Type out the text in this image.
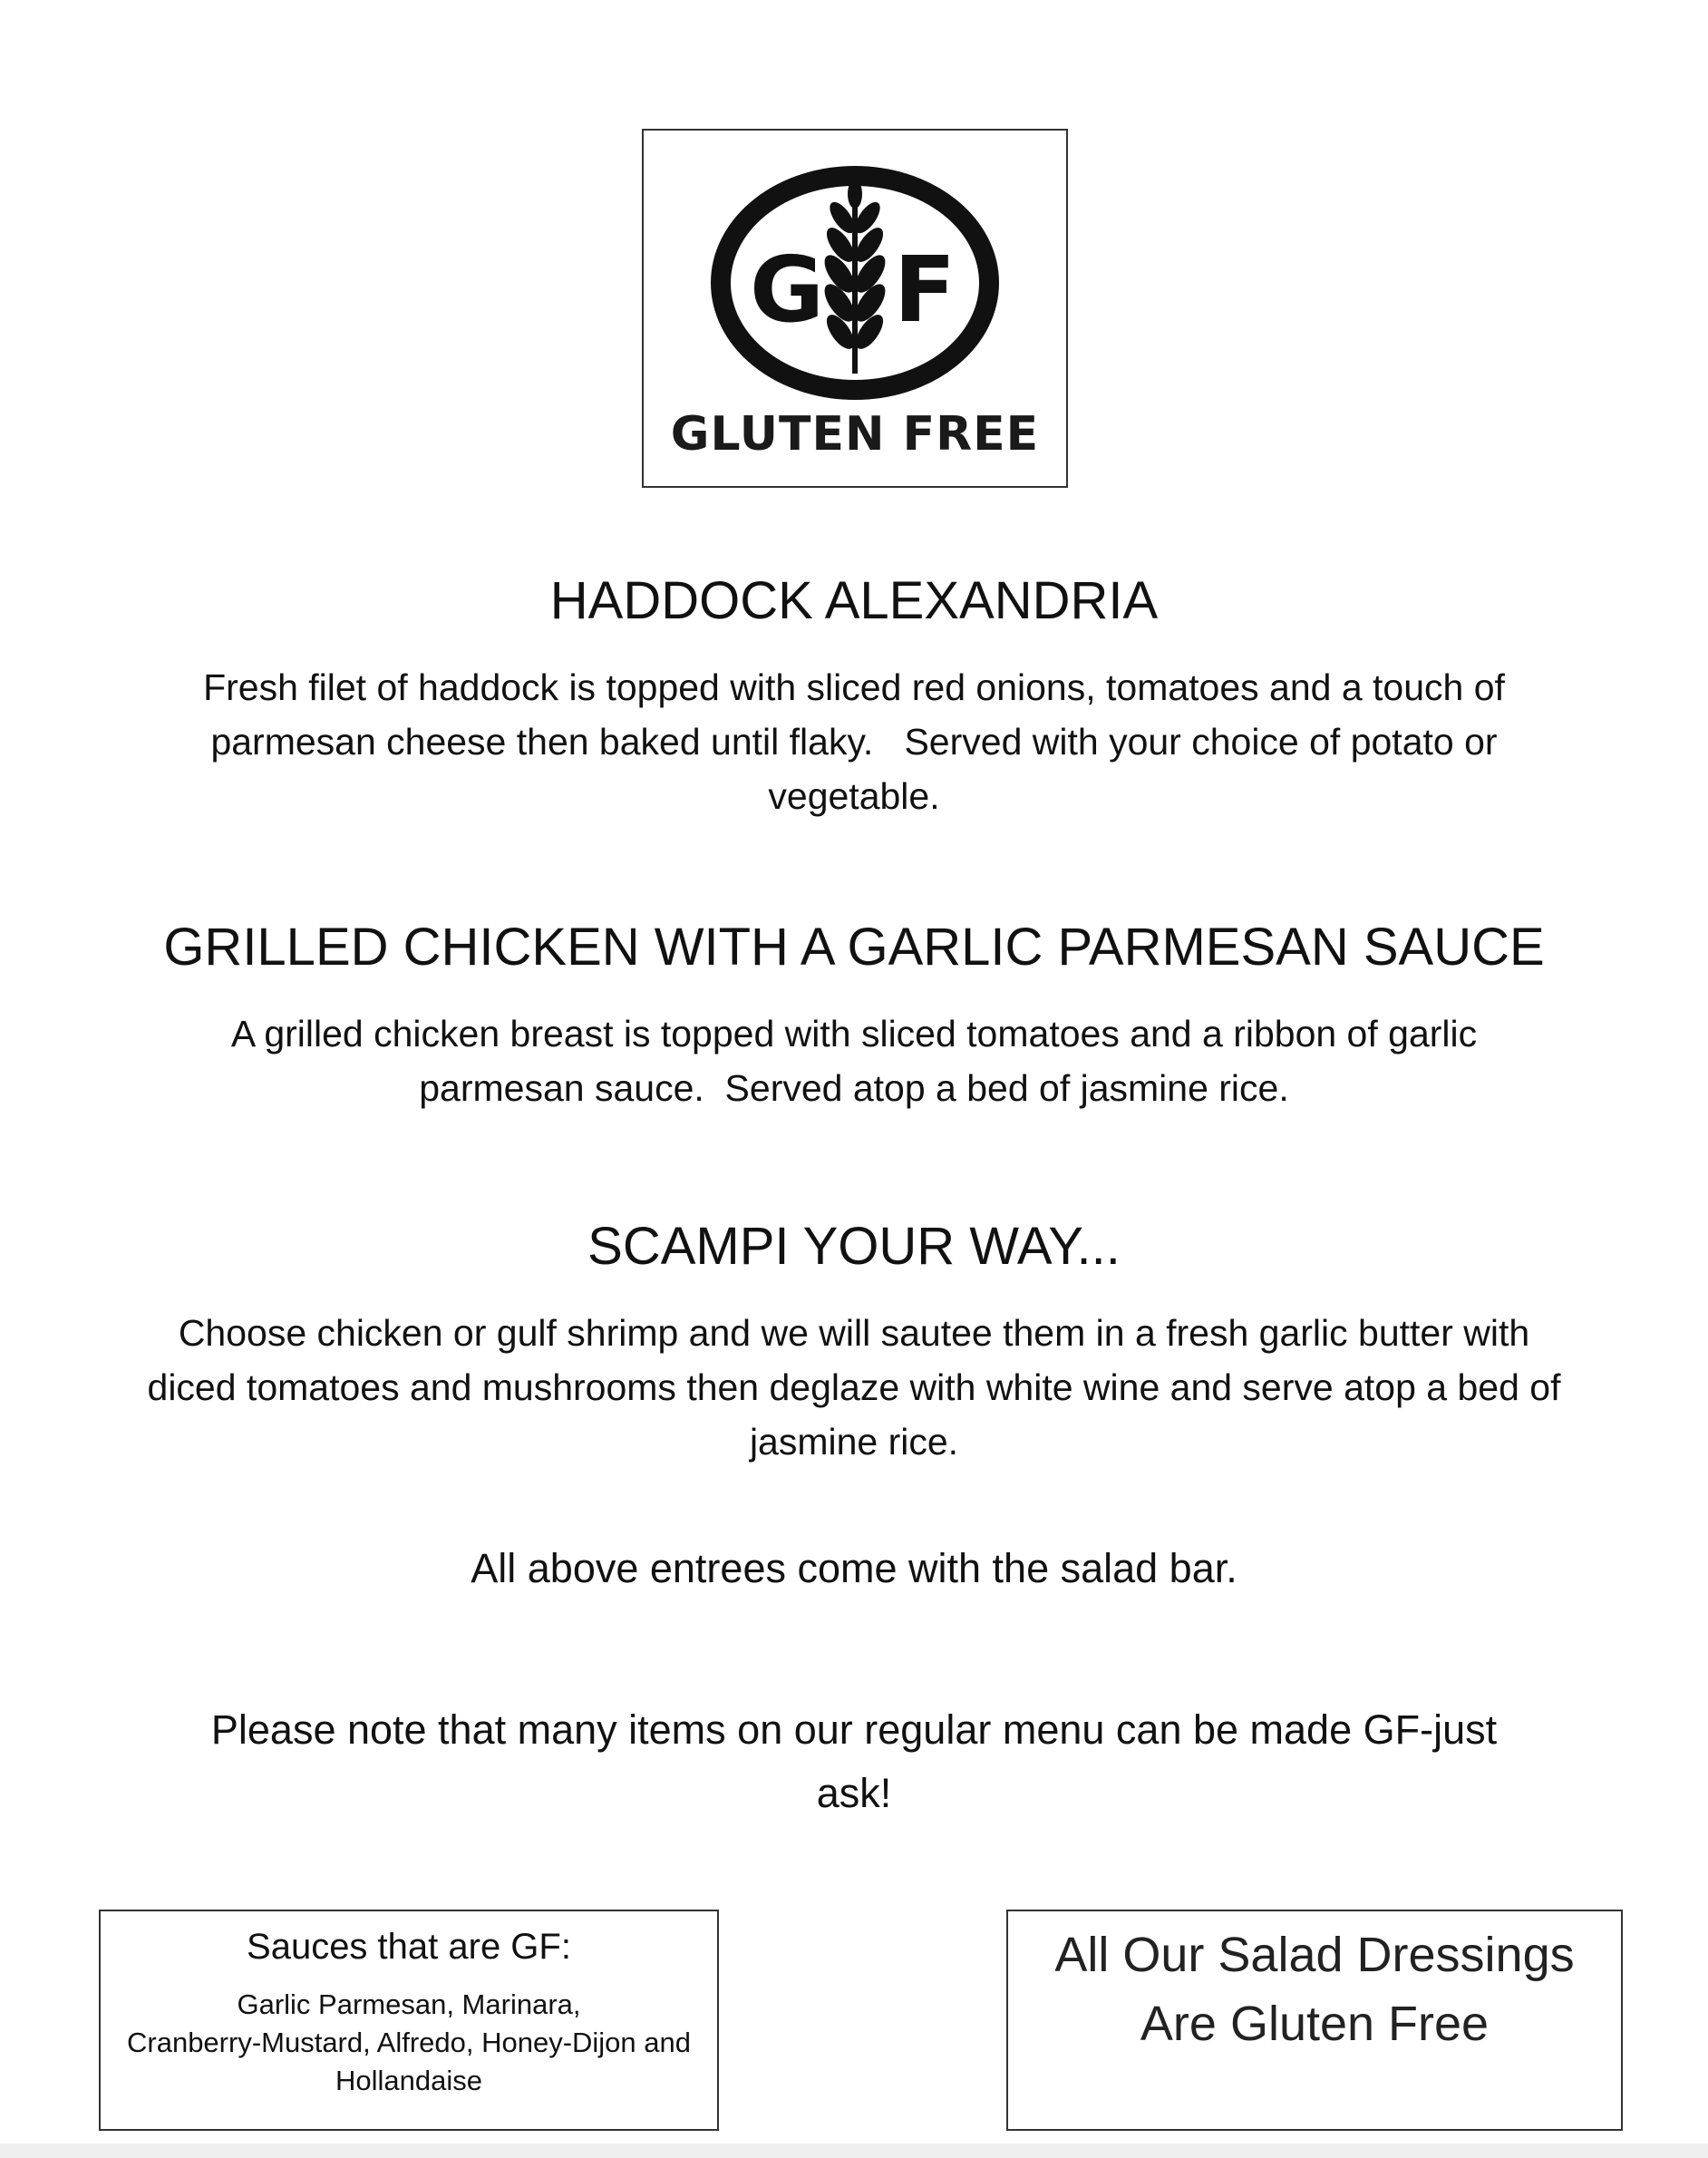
G F
GLUTEN FREE
HADDOCK ALEXANDRIA
Fresh filet of haddock is topped with sliced red onions, tomatoes and a touch of
parmesan cheese then baked until flaky.   Served with your choice of potato or
vegetable.
GRILLED CHICKEN WITH A GARLIC PARMESAN SAUCE
A grilled chicken breast is topped with sliced tomatoes and a ribbon of garlic
parmesan sauce.  Served atop a bed of jasmine rice.
SCAMPI YOUR WAY...
Choose chicken or gulf shrimp and we will sautee them in a fresh garlic butter with
diced tomatoes and mushrooms then deglaze with white wine and serve atop a bed of
jasmine rice.
All above entrees come with the salad bar.
Please note that many items on our regular menu can be made GF-just
ask!
Sauces that are GF:
Garlic Parmesan, Marinara,
Cranberry-Mustard, Alfredo, Honey-Dijon and
Hollandaise
All Our Salad Dressings
Are Gluten Free
